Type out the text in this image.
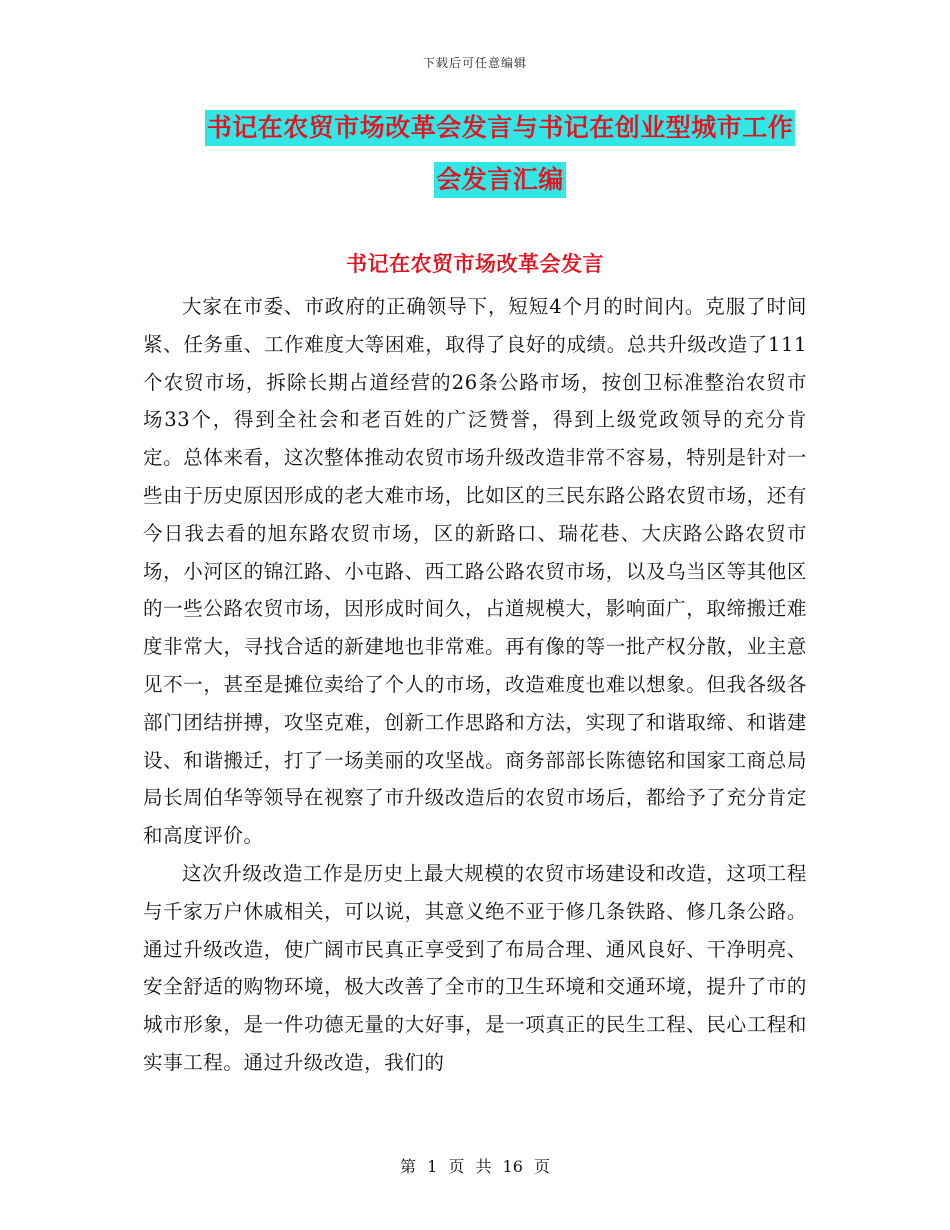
下载后可任意编辑
书记在农贸市场改革会发言与书记在创业型城市工作
会发言汇编
书记在农贸市场改革会发言

大家在市委、市政府的正确领导下，短短4个月的时间内。克服了时间紧、任务重、工作难度大等困难，取得了良好的成绩。总共升级改造了111个农贸市场，拆除长期占道经营的26条公路市场，按创卫标准整治农贸市场33个，得到全社会和老百姓的广泛赞誉，得到上级党政领导的充分肯定。总体来看，这次整体推动农贸市场升级改造非常不容易，特别是针对一些由于历史原因形成的老大难市场，比如区的三民东路公路农贸市场，还有今日我去看的旭东路农贸市场，区的新路口、瑞花巷、大庆路公路农贸市场，小河区的锦江路、小屯路、西工路公路农贸市场，以及乌当区等其他区的一些公路农贸市场，因形成时间久，占道规模大，影响面广，取缔搬迁难度非常大，寻找合适的新建地也非常难。再有像的等一批产权分散，业主意见不一，甚至是摊位卖给了个人的市场，改造难度也难以想象。但我各级各部门团结拼搏，攻坚克难，创新工作思路和方法，实现了和谐取缔、和谐建设、和谐搬迁，打了一场美丽的攻坚战。商务部部长陈德铭和国家工商总局局长周伯华等领导在视察了市升级改造后的农贸市场后，都给予了充分肯定和高度评价。

这次升级改造工作是历史上最大规模的农贸市场建设和改造，这项工程与千家万户休戚相关，可以说，其意义绝不亚于修几条铁路、修几条公路。通过升级改造，使广阔市民真正享受到了布局合理、通风良好、干净明亮、安全舒适的购物环境，极大改善了全市的卫生环境和交通环境，提升了市的城市形象，是一件功德无量的大好事，是一项真正的民生工程、民心工程和实事工程。通过升级改造，我们的

第 1 页 共 16 页
